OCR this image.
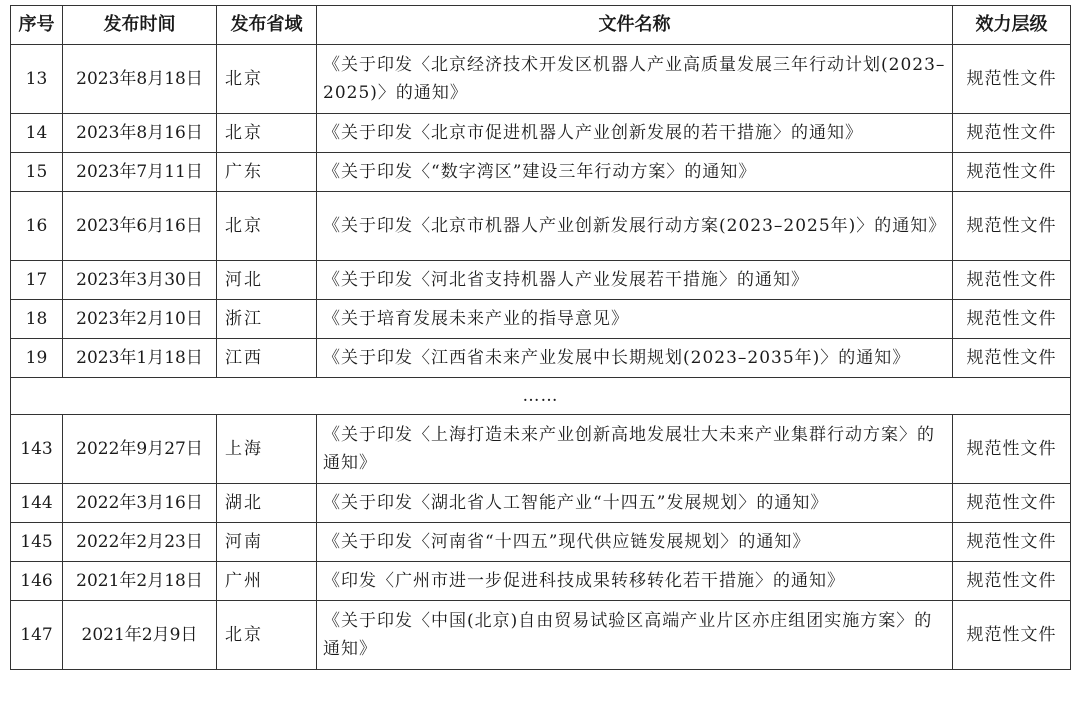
序号	发布时间	发布省域	文件名称	效力层级
13	2023年8月18日	北京	《关于印发〈北京经济技术开发区机器人产业高质量发展三年行动计划(2023–2025)〉的通知》	规范性文件
14	2023年8月16日	北京	《关于印发〈北京市促进机器人产业创新发展的若干措施〉的通知》	规范性文件
15	2023年7月11日	广东	《关于印发〈“数字湾区”建设三年行动方案〉的通知》	规范性文件
16	2023年6月16日	北京	《关于印发〈北京市机器人产业创新发展行动方案(2023–2025年)〉的通知》	规范性文件
17	2023年3月30日	河北	《关于印发〈河北省支持机器人产业发展若干措施〉的通知》	规范性文件
18	2023年2月10日	浙江	《关于培育发展未来产业的指导意见》	规范性文件
19	2023年1月18日	江西	《关于印发〈江西省未来产业发展中长期规划(2023–2035年)〉的通知》	规范性文件
……				
143	2022年9月27日	上海	《关于印发〈上海打造未来产业创新高地发展壮大未来产业集群行动方案〉的通知》	规范性文件
144	2022年3月16日	湖北	《关于印发〈湖北省人工智能产业“十四五”发展规划〉的通知》	规范性文件
145	2022年2月23日	河南	《关于印发〈河南省“十四五”现代供应链发展规划〉的通知》	规范性文件
146	2021年2月18日	广州	《印发〈广州市进一步促进科技成果转移转化若干措施〉的通知》	规范性文件
147	2021年2月9日	北京	《关于印发〈中国(北京)自由贸易试验区高端产业片区亦庄组团实施方案〉的通知》	规范性文件
